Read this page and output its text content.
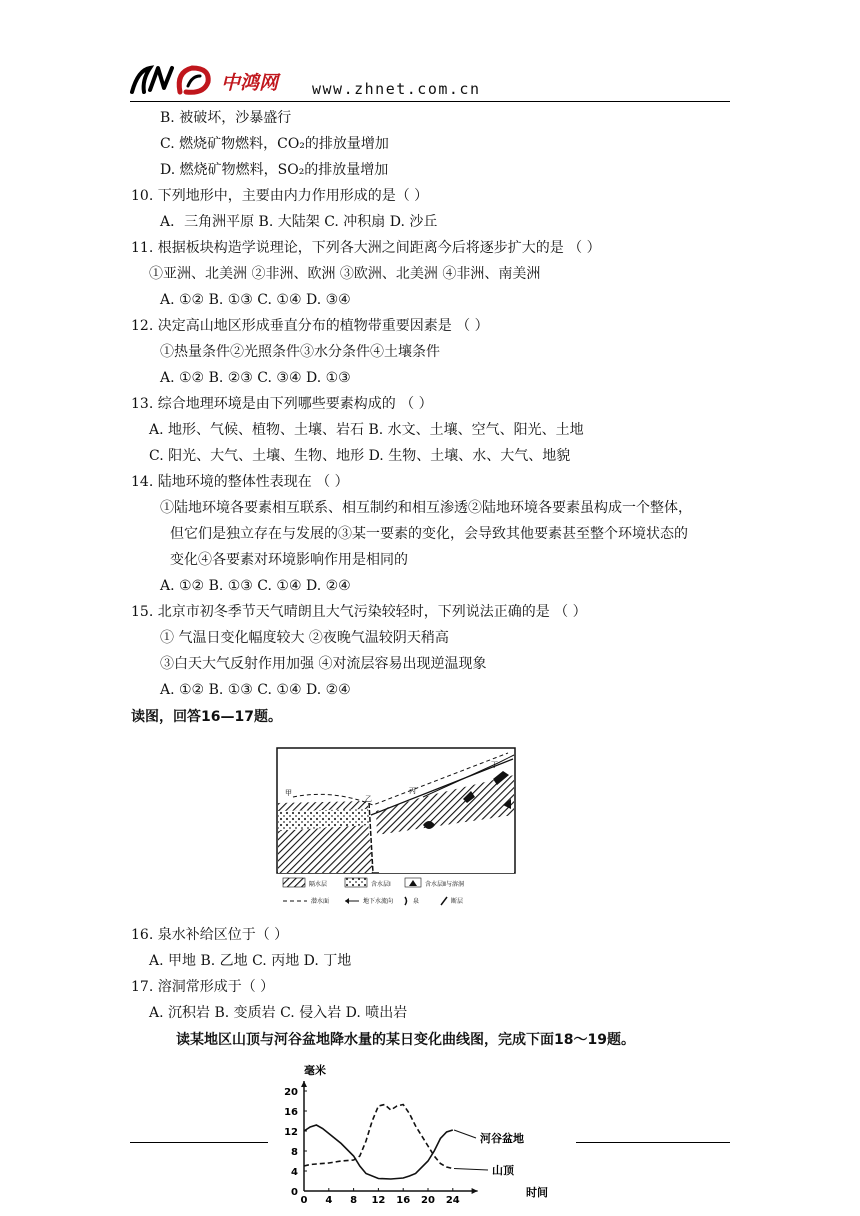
中鸿网 www.zhnet.com.cn
B. 被破坏，沙暴盛行
C. 燃烧矿物燃料，CO₂的排放量增加
D. 燃烧矿物燃料，SO₂的排放量增加
10. 下列地形中，主要由内力作用形成的是（ ）
A．三角洲平原 B. 大陆架 C. 冲积扇 D. 沙丘
11. 根据板块构造学说理论，下列各大洲之间距离今后将逐步扩大的是 （ ）
①亚洲、北美洲 ②非洲、欧洲 ③欧洲、北美洲 ④非洲、南美洲
A. ①② B. ①③ C. ①④ D. ③④
12. 决定高山地区形成垂直分布的植物带重要因素是 （ ）
①热量条件②光照条件③水分条件④土壤条件
A. ①② B. ②③ C. ③④ D. ①③
13. 综合地理环境是由下列哪些要素构成的 （ ）
A. 地形、气候、植物、土壤、岩石 B. 水文、土壤、空气、阳光、土地
C. 阳光、大气、土壤、生物、地形 D. 生物、土壤、水、大气、地貌
14. 陆地环境的整体性表现在 （ ）
①陆地环境各要素相互联系、相互制约和相互渗透②陆地环境各要素虽构成一个整体，
但它们是独立存在与发展的③某一要素的变化，会导致其他要素甚至整个环境状态的
变化④各要素对环境影响作用是相同的
A. ①② B. ①③ C. ①④ D. ②④
15. 北京市初冬季节天气晴朗且大气污染较轻时，下列说法正确的是 （ ）
① 气温日变化幅度较大 ②夜晚气温较阴天稍高
③白天大气反射作用加强 ④对流层容易出现逆温现象
A. ①② B. ①③ C. ①④ D. ②④
读图，回答16—17题。
16. 泉水补给区位于（ ）
A. 甲地 B. 乙地 C. 丙地 D. 丁地
17. 溶洞常形成于（ ）
A. 沉积岩 B. 变质岩 C. 侵入岩 D. 喷出岩
读某地区山顶与河谷盆地降水量的某日变化曲线图，完成下面18～19题。
甲
乙
丙
丁
隔水层	含水层Ⅰ	含水层Ⅱ与溶洞
潜水面	地下水流向	泉	断层
毫米
时间
河谷盆地
山顶
0 4 8 12 16 20 24
4
8
12
16
20
0
